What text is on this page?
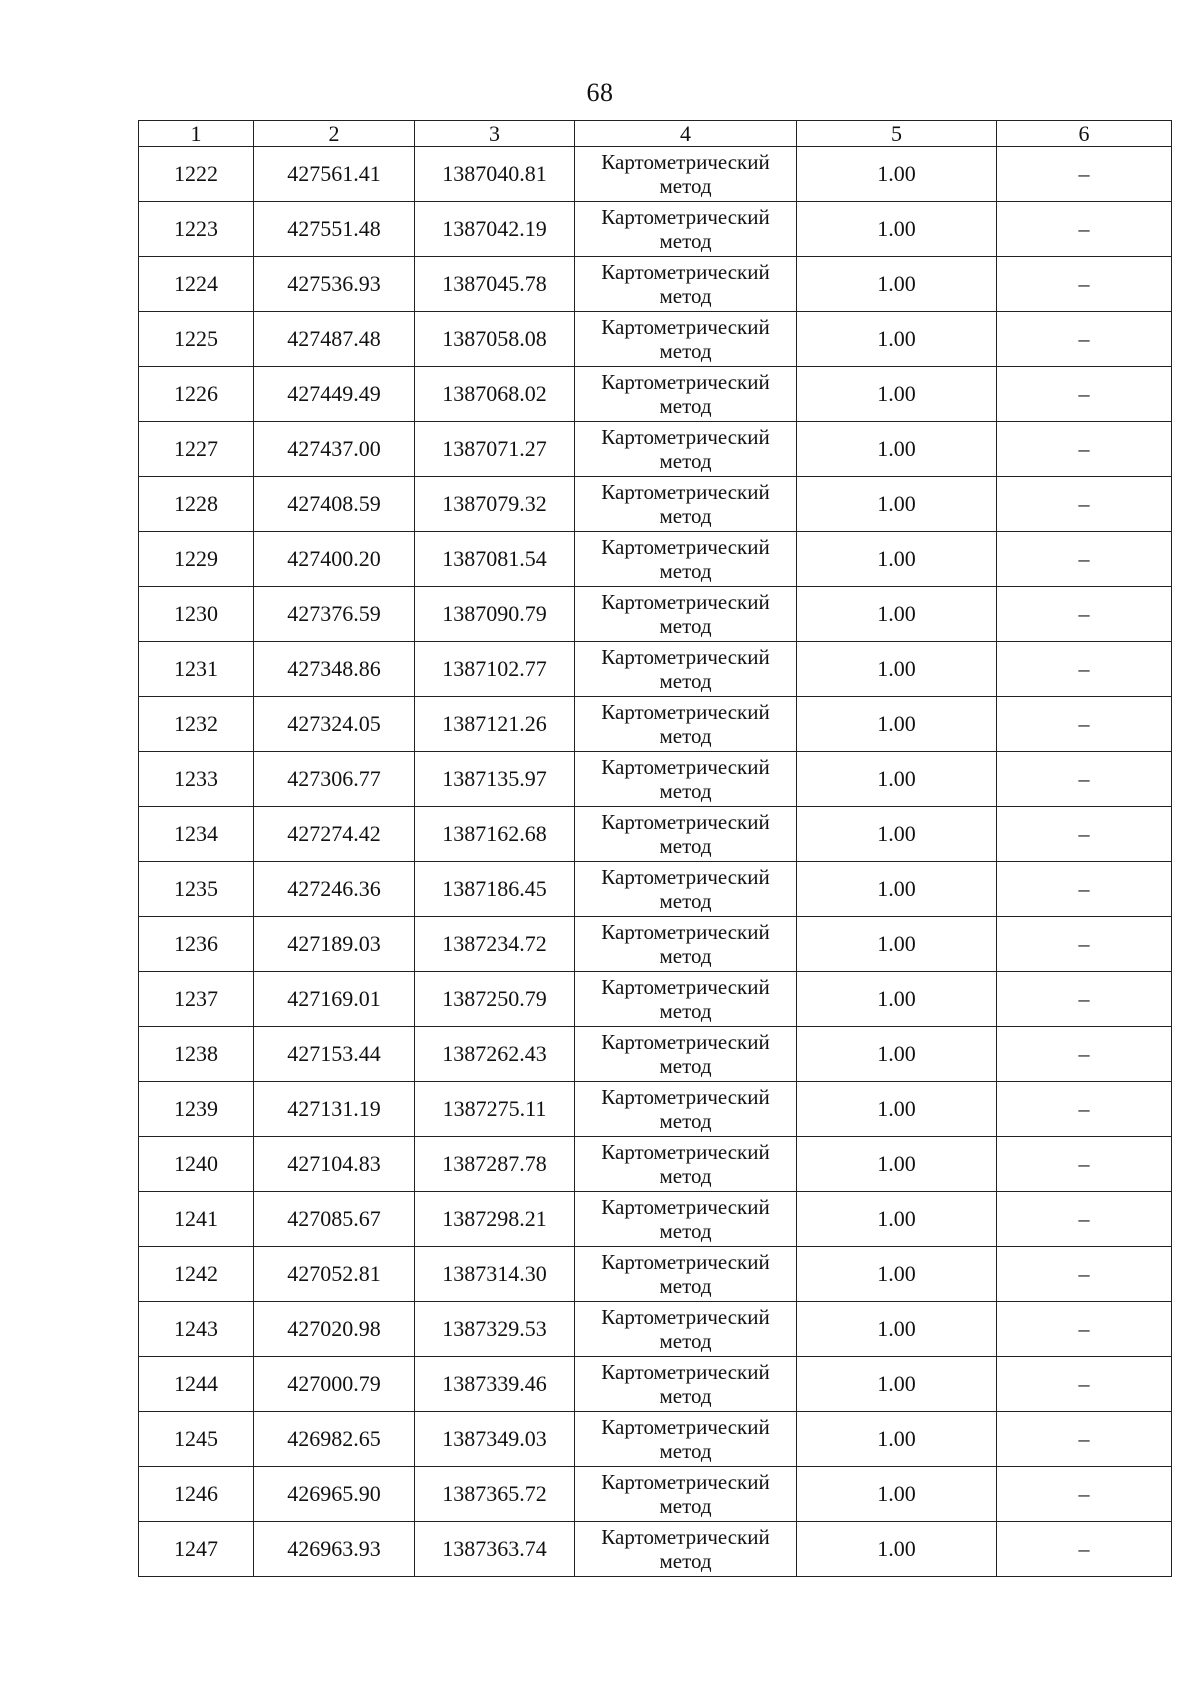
68
1	2	3	4	5	6
1222	427561.41	1387040.81	Картометрический метод	1.00	–
1223	427551.48	1387042.19	Картометрический метод	1.00	–
1224	427536.93	1387045.78	Картометрический метод	1.00	–
1225	427487.48	1387058.08	Картометрический метод	1.00	–
1226	427449.49	1387068.02	Картометрический метод	1.00	–
1227	427437.00	1387071.27	Картометрический метод	1.00	–
1228	427408.59	1387079.32	Картометрический метод	1.00	–
1229	427400.20	1387081.54	Картометрический метод	1.00	–
1230	427376.59	1387090.79	Картометрический метод	1.00	–
1231	427348.86	1387102.77	Картометрический метод	1.00	–
1232	427324.05	1387121.26	Картометрический метод	1.00	–
1233	427306.77	1387135.97	Картометрический метод	1.00	–
1234	427274.42	1387162.68	Картометрический метод	1.00	–
1235	427246.36	1387186.45	Картометрический метод	1.00	–
1236	427189.03	1387234.72	Картометрический метод	1.00	–
1237	427169.01	1387250.79	Картометрический метод	1.00	–
1238	427153.44	1387262.43	Картометрический метод	1.00	–
1239	427131.19	1387275.11	Картометрический метод	1.00	–
1240	427104.83	1387287.78	Картометрический метод	1.00	–
1241	427085.67	1387298.21	Картометрический метод	1.00	–
1242	427052.81	1387314.30	Картометрический метод	1.00	–
1243	427020.98	1387329.53	Картометрический метод	1.00	–
1244	427000.79	1387339.46	Картометрический метод	1.00	–
1245	426982.65	1387349.03	Картометрический метод	1.00	–
1246	426965.90	1387365.72	Картометрический метод	1.00	–
1247	426963.93	1387363.74	Картометрический метод	1.00	–
